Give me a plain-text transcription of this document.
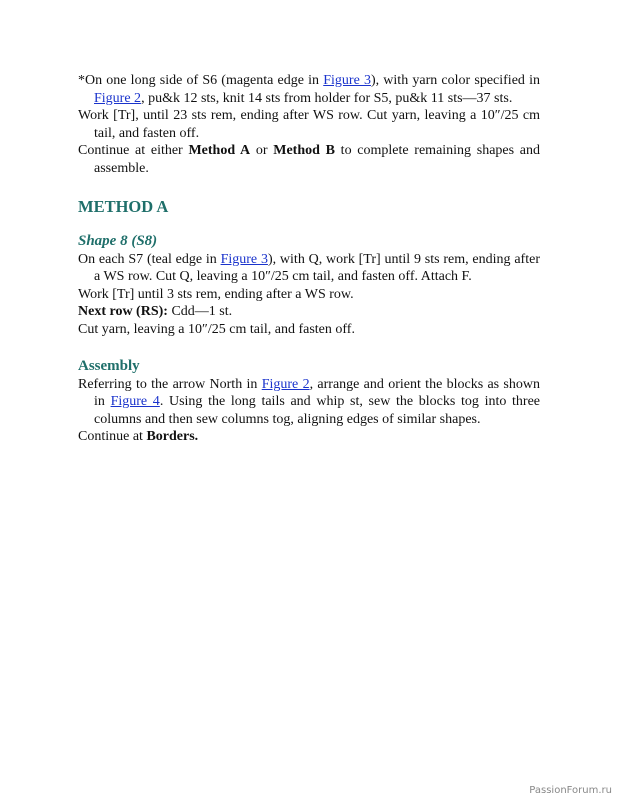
*On one long side of S6 (magenta edge in Figure 3), with yarn color specified in Figure 2, pu&k 12 sts, knit 14 sts from holder for S5, pu&k 11 sts—37 sts.

Work [Tr], until 23 sts rem, ending after WS row. Cut yarn, leaving a 10″/25 cm tail, and fasten off.

Continue at either Method A or Method B to complete remaining shapes and assemble.

METHOD A
Shape 8 (S8)

On each S7 (teal edge in Figure 3), with Q, work [Tr] until 9 sts rem, ending after a WS row. Cut Q, leaving a 10″/25 cm tail, and fasten off. Attach F.

Work [Tr] until 3 sts rem, ending after a WS row.

Next row (RS): Cdd—1 st.

Cut yarn, leaving a 10″/25 cm tail, and fasten off.

Assembly

Referring to the arrow North in Figure 2, arrange and orient the blocks as shown in Figure 4. Using the long tails and whip st, sew the blocks tog into three columns and then sew columns tog, aligning edges of similar shapes.

Continue at Borders.

PassionForum.ru
